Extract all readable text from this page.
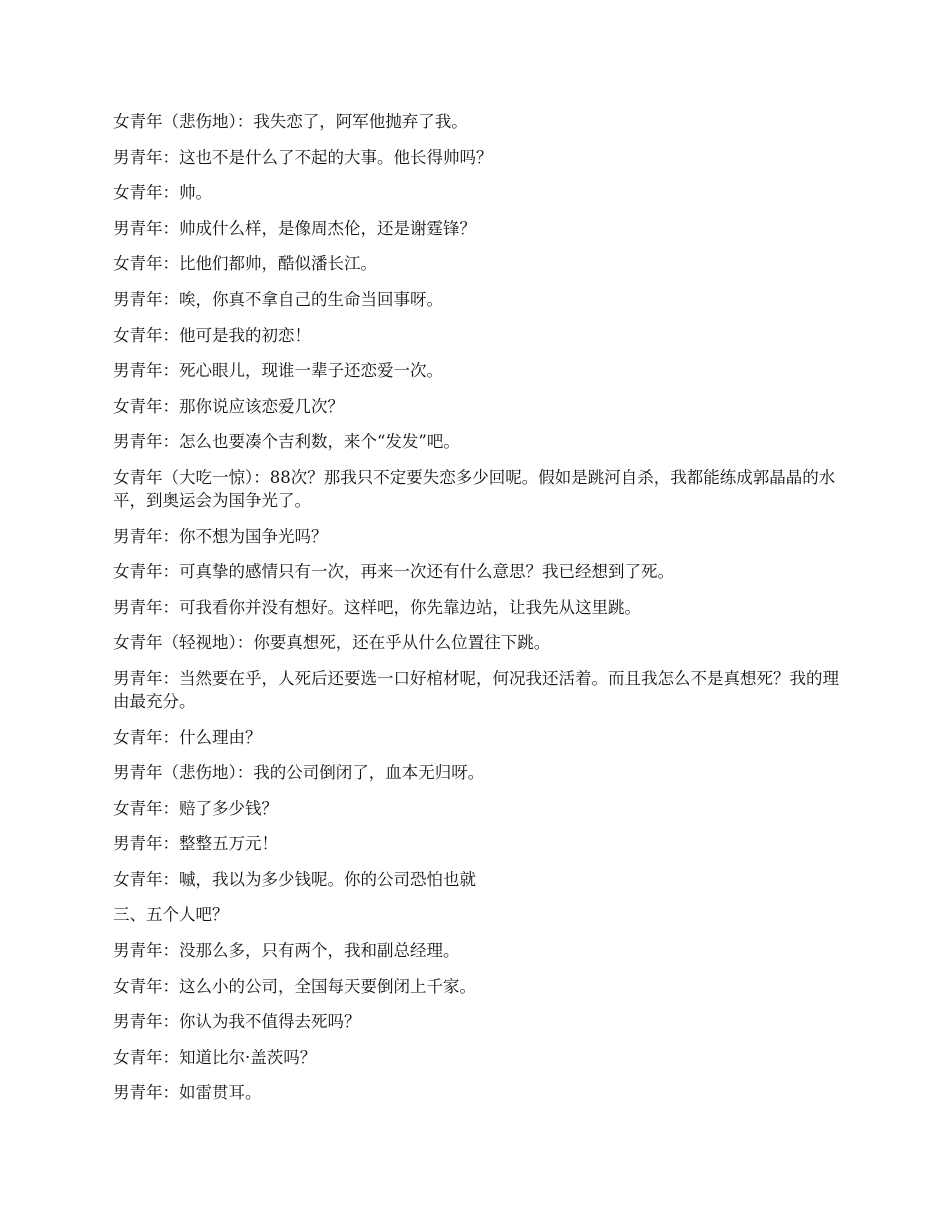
女青年（悲伤地）：我失恋了，阿军他抛弃了我。

男青年：这也不是什么了不起的大事。他长得帅吗？

女青年：帅。

男青年：帅成什么样，是像周杰伦，还是谢霆锋？

女青年：比他们都帅，酷似潘长江。

男青年：唉，你真不拿自己的生命当回事呀。

女青年：他可是我的初恋！

男青年：死心眼儿，现谁一辈子还恋爱一次。

女青年：那你说应该恋爱几次？

男青年：怎么也要凑个吉利数，来个“发发”吧。

女青年（大吃一惊）：88次？那我只不定要失恋多少回呢。假如是跳河自杀，我都能练成郭晶晶的水平，到奥运会为国争光了。

男青年：你不想为国争光吗？

女青年：可真挚的感情只有一次，再来一次还有什么意思？我已经想到了死。

男青年：可我看你并没有想好。这样吧，你先靠边站，让我先从这里跳。

女青年（轻视地）：你要真想死，还在乎从什么位置往下跳。

男青年：当然要在乎，人死后还要选一口好棺材呢，何况我还活着。而且我怎么不是真想死？我的理由最充分。

女青年：什么理由？

男青年（悲伤地）：我的公司倒闭了，血本无归呀。

女青年：赔了多少钱？

男青年：整整五万元！

女青年：嘁，我以为多少钱呢。你的公司恐怕也就

三、五个人吧？

男青年：没那么多，只有两个，我和副总经理。

女青年：这么小的公司，全国每天要倒闭上千家。

男青年：你认为我不值得去死吗？

女青年：知道比尔·盖茨吗？

男青年：如雷贯耳。
